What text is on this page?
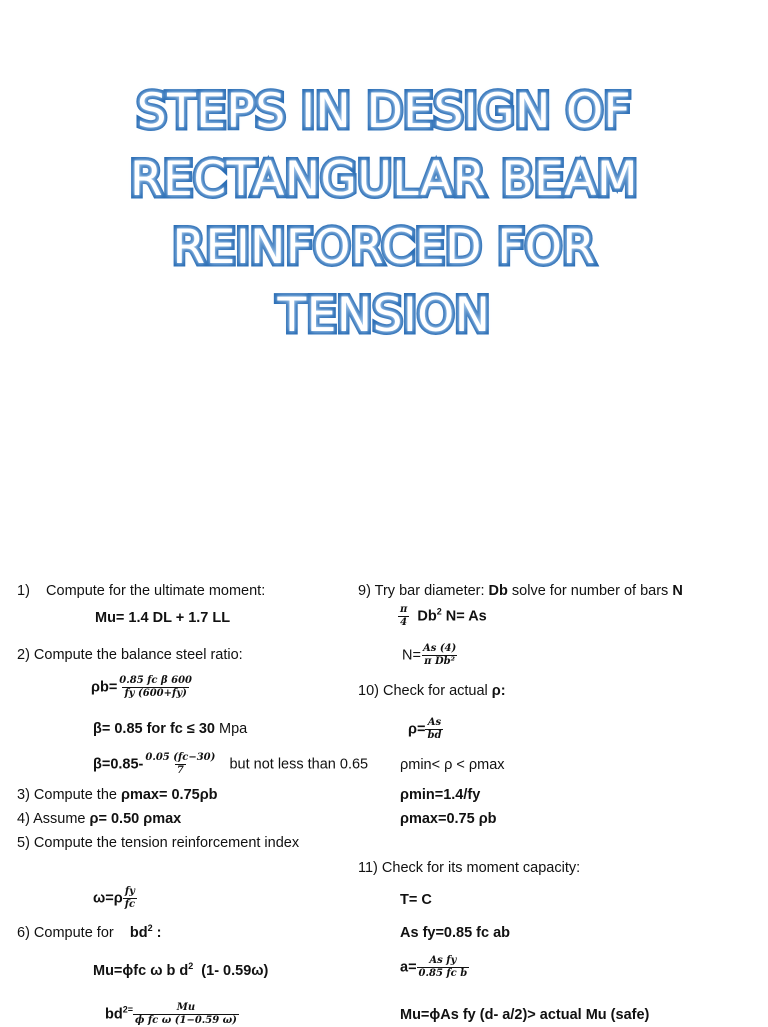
STEPS IN DESIGN OF
RECTANGULAR BEAM
REINFORCED FOR
TENSION
1) Compute for the ultimate moment:
Mu= 1.4 DL + 1.7 LL
2) Compute the balance steel ratio:
$\rho b= \frac{\text{0.85 fc β 600}}{fy (600+fy)}$
β= 0.85 for fc ≤ 30 Mpa
$\beta=0.85- \frac{0.05 (fc-30)}{7}$ but not less than 0.65
3) Compute the ρmax= 0.75ρb
4) Assume ρ= 0.50 ρmax
5) Compute the tension reinforcement index
$\omega=\rho \frac{fy}{fc}$
6) Compute for $bd^2$ :
Mu=ϕfc ω b $d^2$ (1- 0.59ω)
$bd^{2=} \frac{Mu}{\text{ϕ fc ω (1−0.59 ω)}}$
9) Try bar diameter: Db solve for number of bars N
$\frac{\pi}{4} Db^2$ N= As
$N= \frac{As (4)}{\text{π Db²}}$
10) Check for actual ρ:
$\rho= \frac{As}{bd}$
ρmin< ρ < ρmax
ρmin=1.4/fy
ρmax=0.75 ρb
11) Check for its moment capacity:
T= C
As fy=0.85 fc ab
$a= \frac{\text{As fy}}{\text{0.85 fc b}}$
Mu=ϕAs fy (d- a/2)> actual Mu (safe)
